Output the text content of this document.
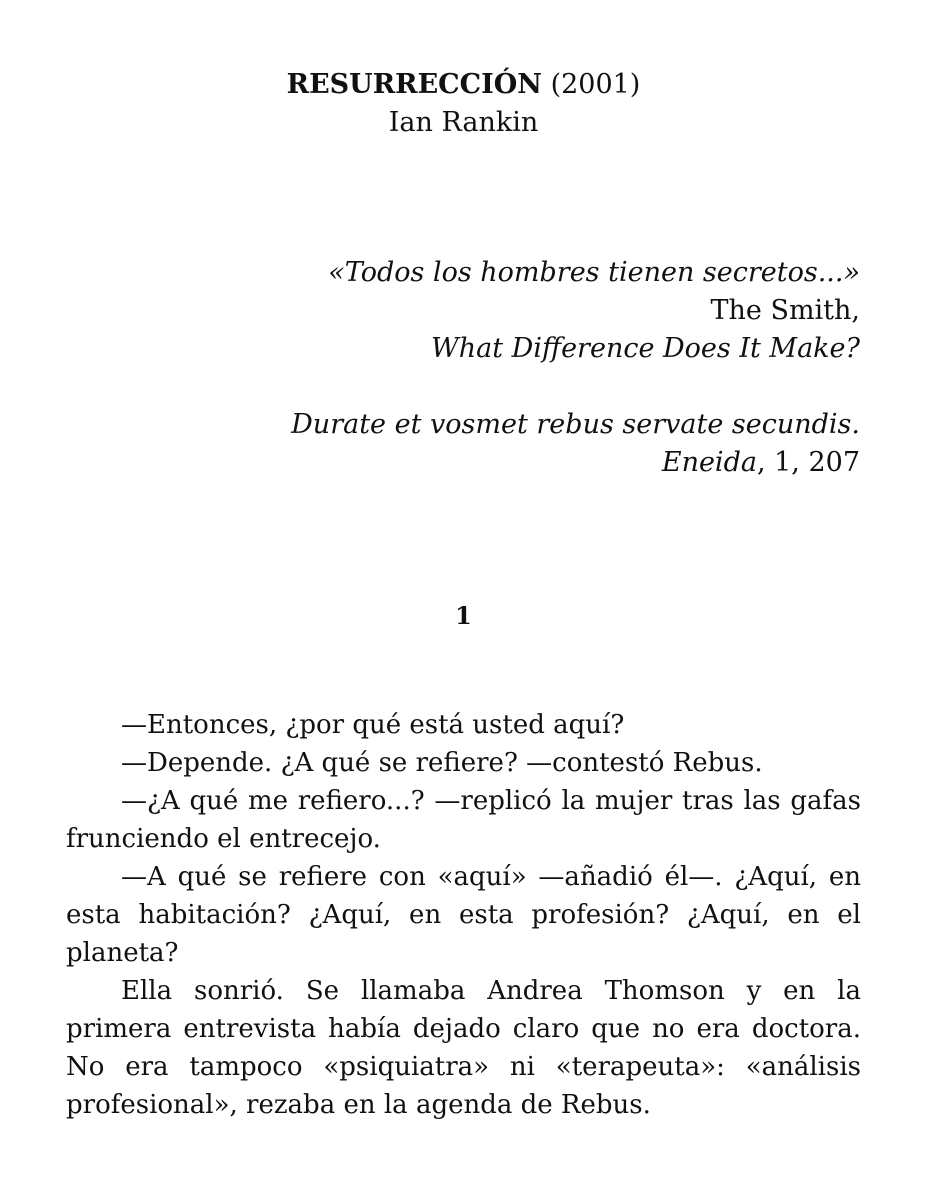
RESURRECCIÓN (2001)
Ian Rankin
«Todos los hombres tienen secretos...»
The Smith,
What Difference Does It Make?
Durate et vosmet rebus servate secundis.
Eneida, 1, 207
1

—Entonces, ¿por qué está usted aquí?

—Depende. ¿A qué se refiere? —contestó Rebus.

—¿A qué me refiero...? —replicó la mujer tras las gafas frunciendo el entrecejo.

—A qué se refiere con «aquí» —añadió él—. ¿Aquí, en esta habitación? ¿Aquí, en esta profesión? ¿Aquí, en el planeta?

Ella sonrió. Se llamaba Andrea Thomson y en la primera entrevista había dejado claro que no era doctora. No era tampoco «psiquiatra» ni «terapeuta»: «análisis profesional», rezaba en la agenda de Rebus.
